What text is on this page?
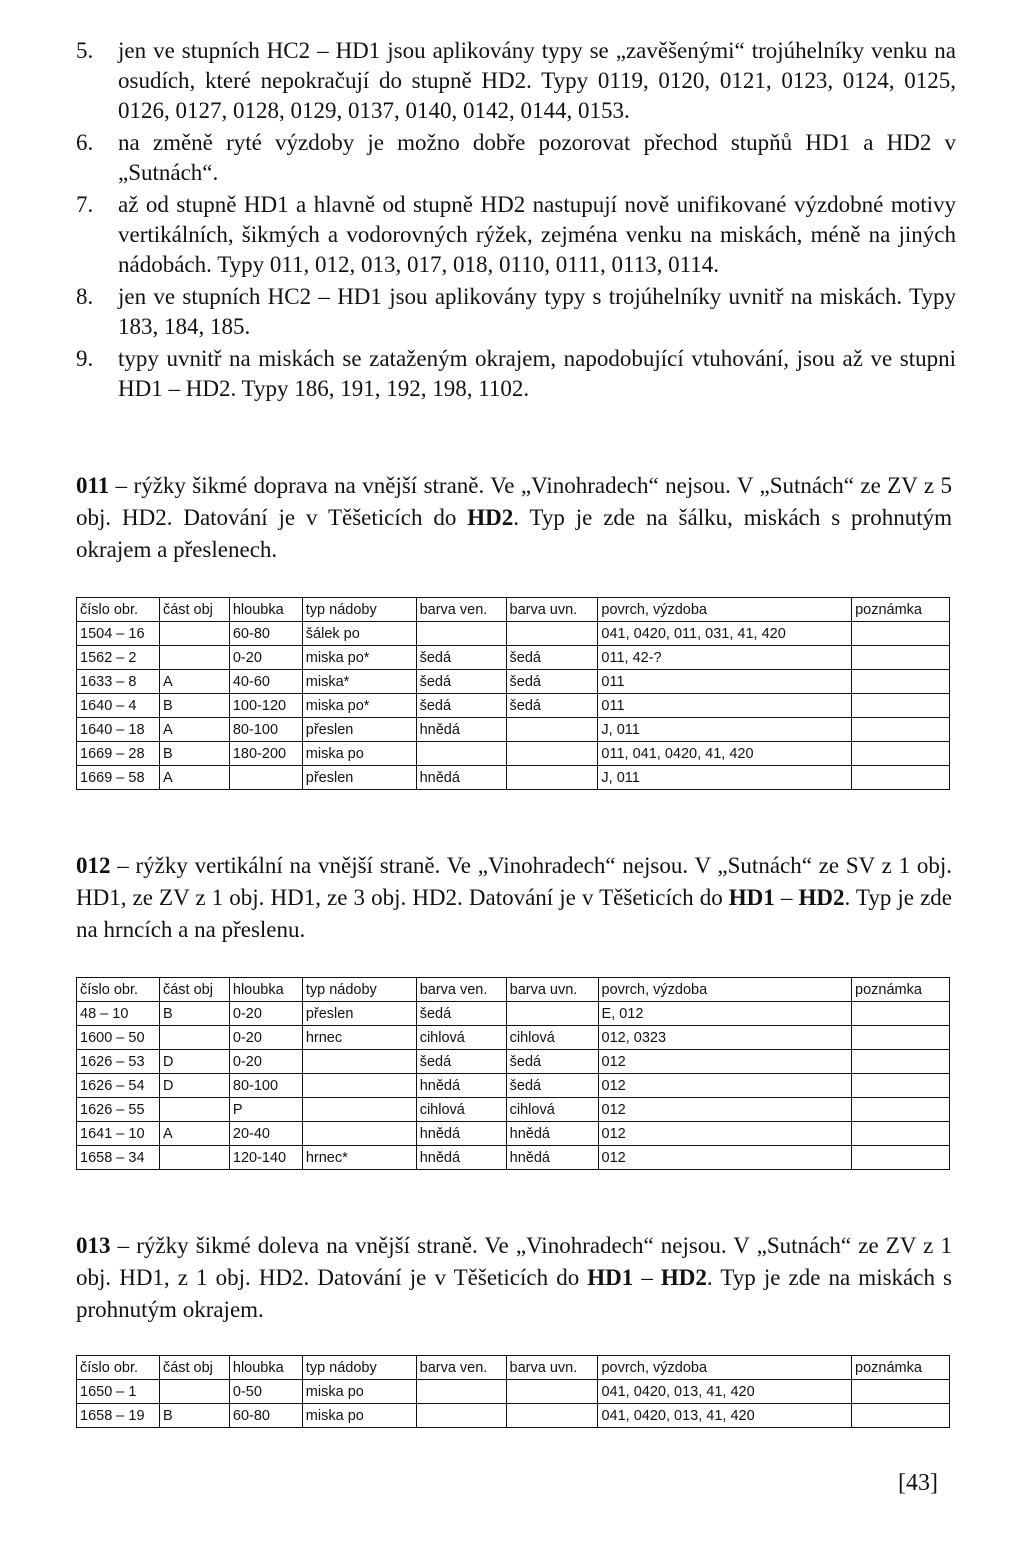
5.	jen ve stupních HC2 – HD1 jsou aplikovány typy se „zavěšenými“ trojúhelníky venku na osudích, které nepokračují do stupně HD2. Typy 0119, 0120, 0121, 0123, 0124, 0125, 0126, 0127, 0128, 0129, 0137, 0140, 0142, 0144, 0153.
6.	na změně ryté výzdoby je možno dobře pozorovat přechod stupňů HD1 a HD2 v „Sutnách“.
7.	až od stupně HD1 a hlavně od stupně HD2 nastupují nově unifikované výzdobné motivy vertikálních, šikmých a vodorovných rýžek, zejména venku na miskách, méně na jiných nádobách. Typy 011, 012, 013, 017, 018, 0110, 0111, 0113, 0114.
8.	jen ve stupních HC2 – HD1 jsou aplikovány typy s trojúhelníky uvnitř na miskách. Typy 183, 184, 185.
9.	typy uvnitř na miskách se zataženým okrajem, napodobující vtuhování, jsou až ve stupni HD1 – HD2. Typy 186, 191, 192, 198, 1102.
011 – rýžky šikmé doprava na vnější straně. Ve „Vinohradech“ nejsou. V „Sutnách“ ze ZV z 5 obj. HD2. Datování je v Těšeticích do HD2. Typ je zde na šálku, miskách s prohnutým okrajem a přeslenech.
číslo obr.	část obj	hloubka	typ nádoby	barva ven.	barva uvn.	povrch, výzdoba	poznámka
1504 – 16		60-80	šálek po			041, 0420, 011, 031, 41, 420	
1562 – 2		0-20	miska po*	šedá	šedá	011, 42-?	
1633 – 8	A	40-60	miska*	šedá	šedá	011	
1640 – 4	B	100-120	miska po*	šedá	šedá	011	
1640 – 18	A	80-100	přeslen	hnědá		J, 011	
1669 – 28	B	180-200	miska po			011, 041, 0420, 41, 420	
1669 – 58	A		přeslen	hnědá		J, 011	
012 – rýžky vertikální na vnější straně. Ve „Vinohradech“ nejsou. V „Sutnách“ ze SV z 1 obj. HD1, ze ZV z 1 obj. HD1, ze 3 obj. HD2. Datování je v Těšeticích do HD1 – HD2. Typ je zde na hrncích a na přeslenu.
číslo obr.	část obj	hloubka	typ nádoby	barva ven.	barva uvn.	povrch, výzdoba	poznámka
48 – 10	B	0-20	přeslen	šedá		E, 012	
1600 – 50		0-20	hrnec	cihlová	cihlová	012, 0323	
1626 – 53	D	0-20		šedá	šedá	012	
1626 – 54	D	80-100		hnědá	šedá	012	
1626 – 55		P		cihlová	cihlová	012	
1641 – 10	A	20-40		hnědá	hnědá	012	
1658 – 34		120-140	hrnec*	hnědá	hnědá	012	
013 – rýžky šikmé doleva na vnější straně. Ve „Vinohradech“ nejsou. V „Sutnách“ ze ZV z 1 obj. HD1, z 1 obj. HD2. Datování je v Těšeticích do HD1 – HD2. Typ je zde na miskách s prohnutým okrajem.
číslo obr.	část obj	hloubka	typ nádoby	barva ven.	barva uvn.	povrch, výzdoba	poznámka
1650 – 1		0-50	miska po			041, 0420, 013, 41, 420	
1658 – 19	B	60-80	miska po			041, 0420, 013, 41, 420	
[43]
